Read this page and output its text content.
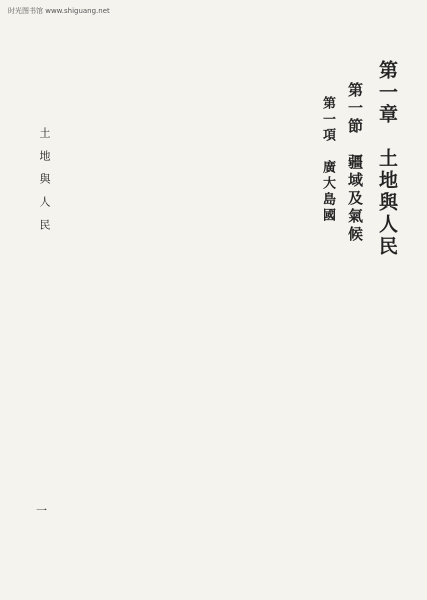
时光图书馆 www.shiguang.net
第一章　土地與人民
第一節　疆域及氣候
第一項　廣大島國
土地與人民
一
